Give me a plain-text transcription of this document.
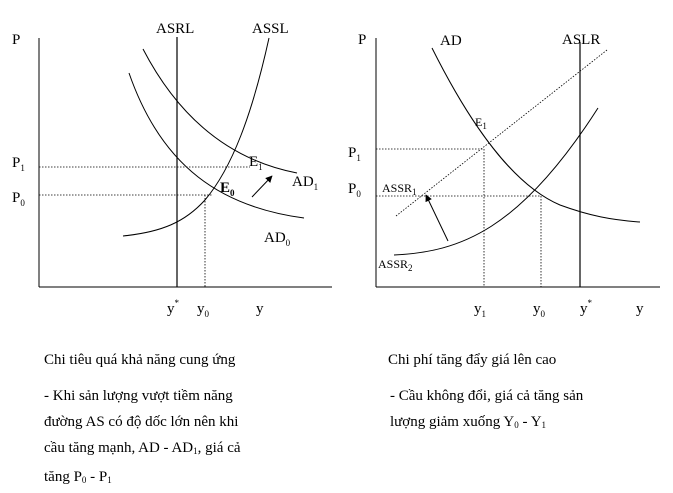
P
ASRL	ASSL
$P_1$
$P_0$
$E_1$
$E_0$
$AD_1$
$AD_0$
y* $y_0$	y
P	AD	ASLR
$P_1$
$P_0$
$E_1$
$ASSR_1$
$ASSR_2$
$y_1$	$y_0$ y*	y
Chi tiêu quá khả năng cung ứng
- Khi sản lượng vượt tiềm năng
đường AS có độ dốc lớn nên khi
cầu tăng mạnh, AD - $AD_1$, giá cả
tăng $P_0 - P_1$
Chi phí tăng đẩy giá lên cao
- Cầu không đổi, giá cả tăng sản
lượng giảm xuống $Y_0 - Y_1$
